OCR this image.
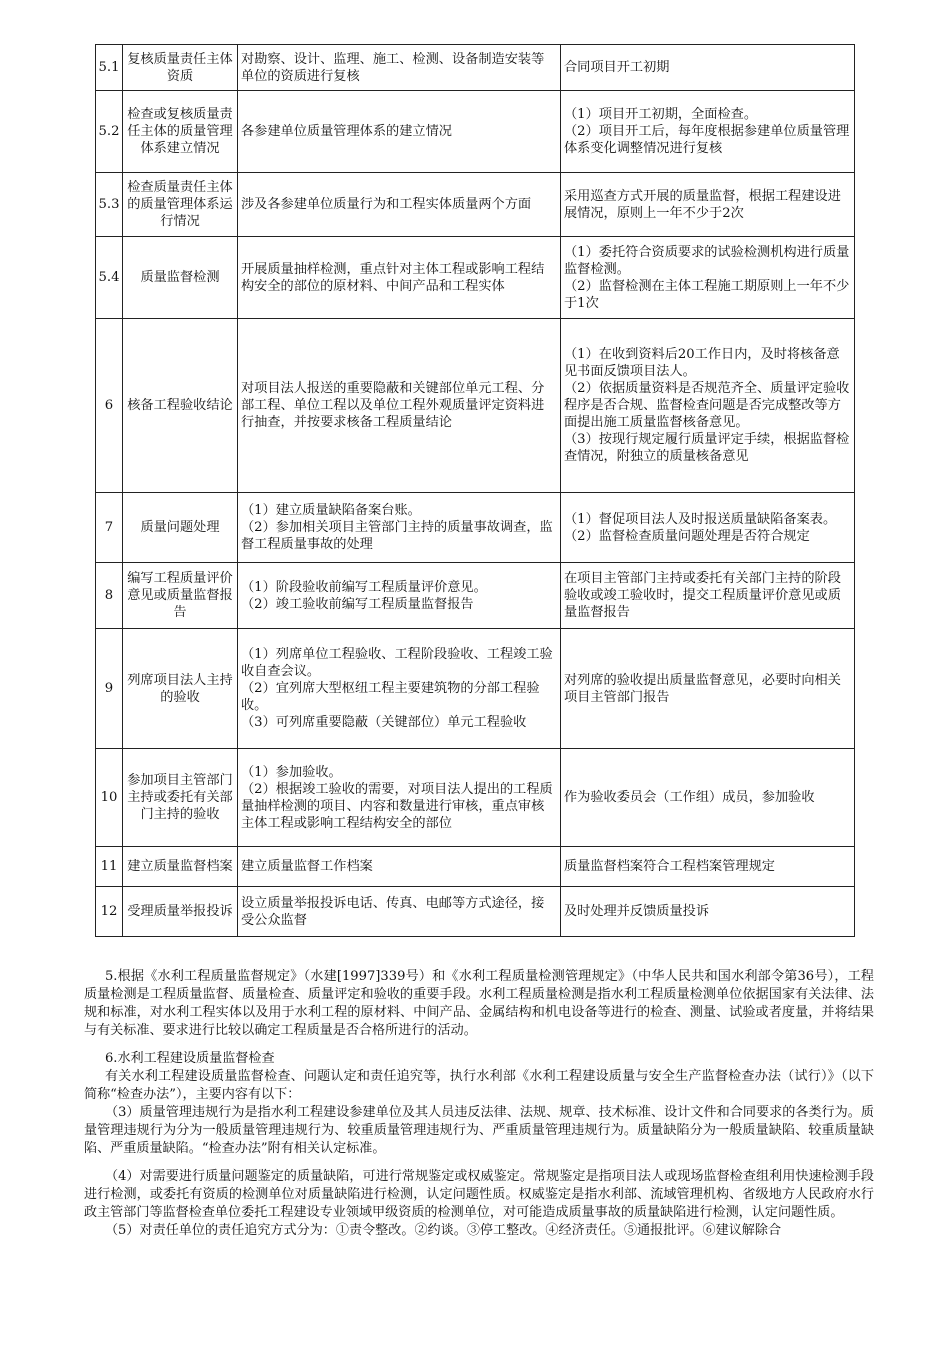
5.1	复核质量责任主体资质	对勘察、设计、监理、施工、检测、设备制造安装等单位的资质进行复核	合同项目开工初期

5.2	检查或复核质量责任主体的质量管理体系建立情况	各参建单位质量管理体系的建立情况	（1）项目开工初期，全面检查。
（2）项目开工后，每年度根据参建单位质量管理体系变化调整情况进行复核

5.3	检查质量责任主体的质量管理体系运行情况	涉及各参建单位质量行为和工程实体质量两个方面	采用巡查方式开展的质量监督，根据工程建设进展情况，原则上一年不少于2次

5.4	质量监督检测	开展质量抽样检测，重点针对主体工程或影响工程结构安全的部位的原材料、中间产品和工程实体	（1）委托符合资质要求的试验检测机构进行质量监督检测。
（2）监督检测在主体工程施工期原则上一年不少于1次

6	核备工程验收结论	对项目法人报送的重要隐蔽和关键部位单元工程、分部工程、单位工程以及单位工程外观质量评定资料进行抽查，并按要求核备工程质量结论	（1）在收到资料后20工作日内，及时将核备意见书面反馈项目法人。
（2）依据质量资料是否规范齐全、质量评定验收程序是否合规、监督检查问题是否完成整改等方面提出施工质量监督核备意见。
（3）按现行规定履行质量评定手续，根据监督检查情况，附独立的质量核备意见

7	质量问题处理	（1）建立质量缺陷备案台账。
（2）参加相关项目主管部门主持的质量事故调查，监督工程质量事故的处理	（1）督促项目法人及时报送质量缺陷备案表。
（2）监督检查质量问题处理是否符合规定

8	编写工程质量评价意见或质量监督报告	（1）阶段验收前编写工程质量评价意见。
（2）竣工验收前编写工程质量监督报告	在项目主管部门主持或委托有关部门主持的阶段验收或竣工验收时，提交工程质量评价意见或质量监督报告

9	列席项目法人主持的验收	（1）列席单位工程验收、工程阶段验收、工程竣工验收自查会议。
（2）宜列席大型枢纽工程主要建筑物的分部工程验收。
（3）可列席重要隐蔽（关键部位）单元工程验收	对列席的验收提出质量监督意见，必要时向相关项目主管部门报告

10	参加项目主管部门主持或委托有关部门主持的验收	（1）参加验收。
（2）根据竣工验收的需要，对项目法人提出的工程质量抽样检测的项目、内容和数量进行审核，重点审核主体工程或影响工程结构安全的部位	作为验收委员会（工作组）成员，参加验收

11	建立质量监督档案	建立质量监督工作档案	质量监督档案符合工程档案管理规定

12	受理质量举报投诉	设立质量举报投诉电话、传真、电邮等方式途径，接受公众监督	及时处理并反馈质量投诉

5.根据《水利工程质量监督规定》（水建[1997]339号）和《水利工程质量检测管理规定》（中华人民共和国水利部令第36号），工程质量检测是工程质量监督、质量检查、质量评定和验收的重要手段。水利工程质量检测是指水利工程质量检测单位依据国家有关法律、法规和标准，对水利工程实体以及用于水利工程的原材料、中间产品、金属结构和机电设备等进行的检查、测量、试验或者度量，并将结果与有关标准、要求进行比较以确定工程质量是否合格所进行的活动。

6.水利工程建设质量监督检查

有关水利工程建设质量监督检查、问题认定和责任追究等，执行水利部《水利工程建设质量与安全生产监督检查办法（试行）》（以下简称“检查办法”），主要内容有以下：

（3）质量管理违规行为是指水利工程建设参建单位及其人员违反法律、法规、规章、技术标准、设计文件和合同要求的各类行为。质量管理违规行为分为一般质量管理违规行为、较重质量管理违规行为、严重质量管理违规行为。质量缺陷分为一般质量缺陷、较重质量缺陷、严重质量缺陷。“检查办法”附有相关认定标准。

（4）对需要进行质量问题鉴定的质量缺陷，可进行常规鉴定或权威鉴定。常规鉴定是指项目法人或现场监督检查组利用快速检测手段进行检测，或委托有资质的检测单位对质量缺陷进行检测，认定问题性质。权威鉴定是指水利部、流域管理机构、省级地方人民政府水行政主管部门等监督检查单位委托工程建设专业领域甲级资质的检测单位，对可能造成质量事故的质量缺陷进行检测，认定问题性质。

（5）对责任单位的责任追究方式分为：①责令整改。②约谈。③停工整改。④经济责任。⑤通报批评。⑥建议解除合
